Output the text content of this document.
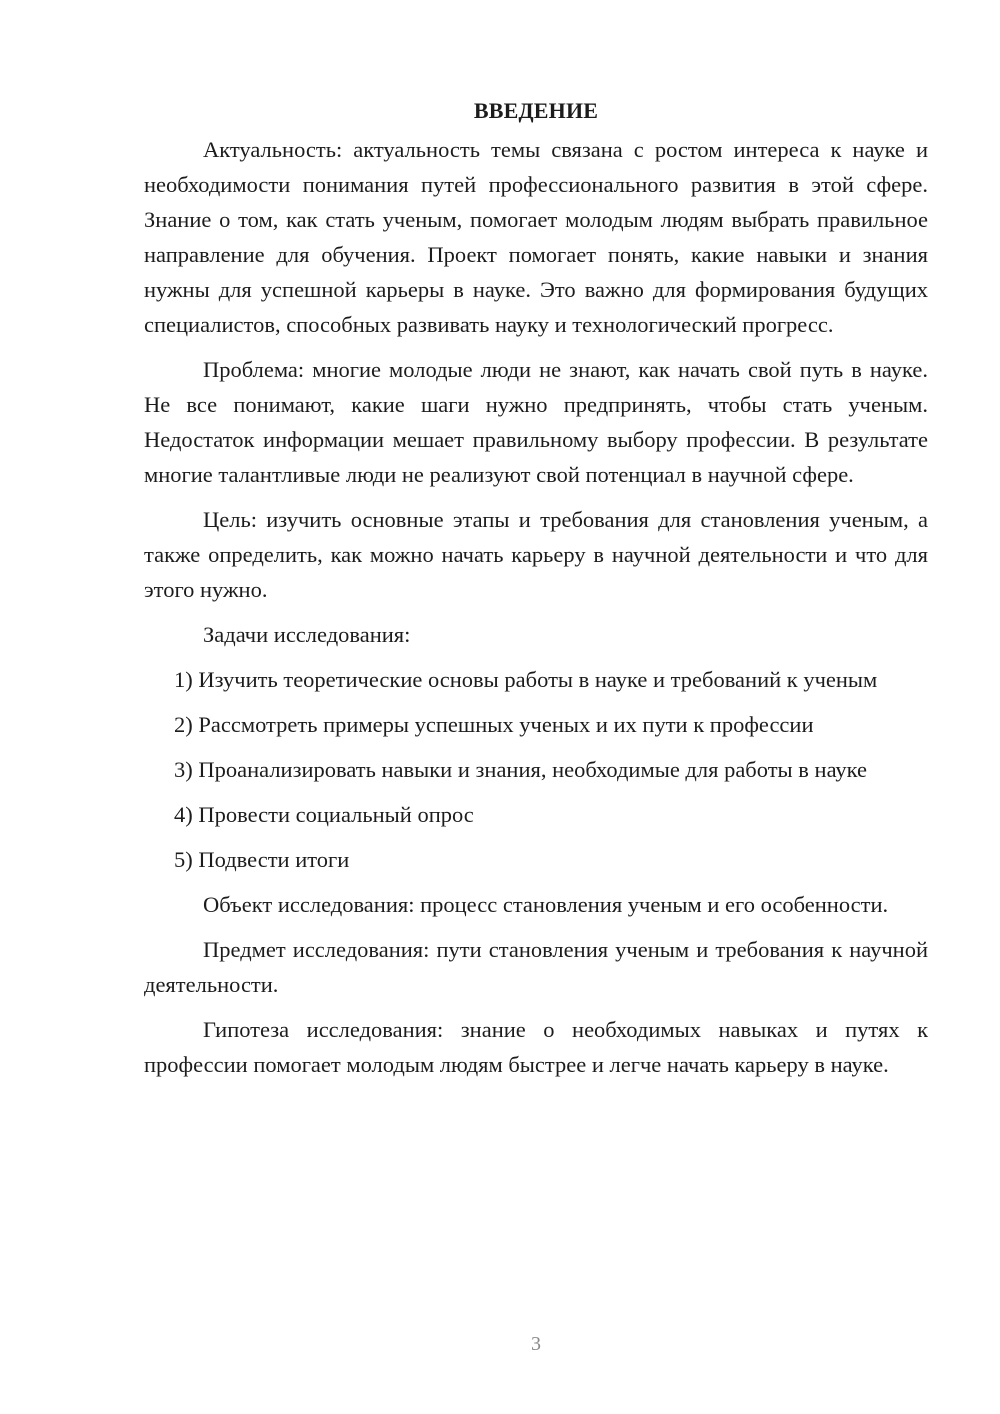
ВВЕДЕНИЕ

Актуальность: актуальность темы связана с ростом интереса к науке и необходимости понимания путей профессионального развития в этой сфере. Знание о том, как стать ученым, помогает молодым людям выбрать правильное направление для обучения. Проект помогает понять, какие навыки и знания нужны для успешной карьеры в науке. Это важно для формирования будущих специалистов, способных развивать науку и технологический прогресс.

Проблема: многие молодые люди не знают, как начать свой путь в науке. Не все понимают, какие шаги нужно предпринять, чтобы стать ученым. Недостаток информации мешает правильному выбору профессии. В результате многие талантливые люди не реализуют свой потенциал в научной сфере.

Цель: изучить основные этапы и требования для становления ученым, а также определить, как можно начать карьеру в научной деятельности и что для этого нужно.

Задачи исследования:

1) Изучить теоретические основы работы в науке и требований к ученым

2) Рассмотреть примеры успешных ученых и их пути к профессии

3) Проанализировать навыки и знания, необходимые для работы в науке

4) Провести социальный опрос

5) Подвести итоги

Объект исследования: процесс становления ученым и его особенности.

Предмет исследования: пути становления ученым и требования к научной деятельности.

Гипотеза исследования: знание о необходимых навыках и путях к профессии помогает молодым людям быстрее и легче начать карьеру в науке.

3
